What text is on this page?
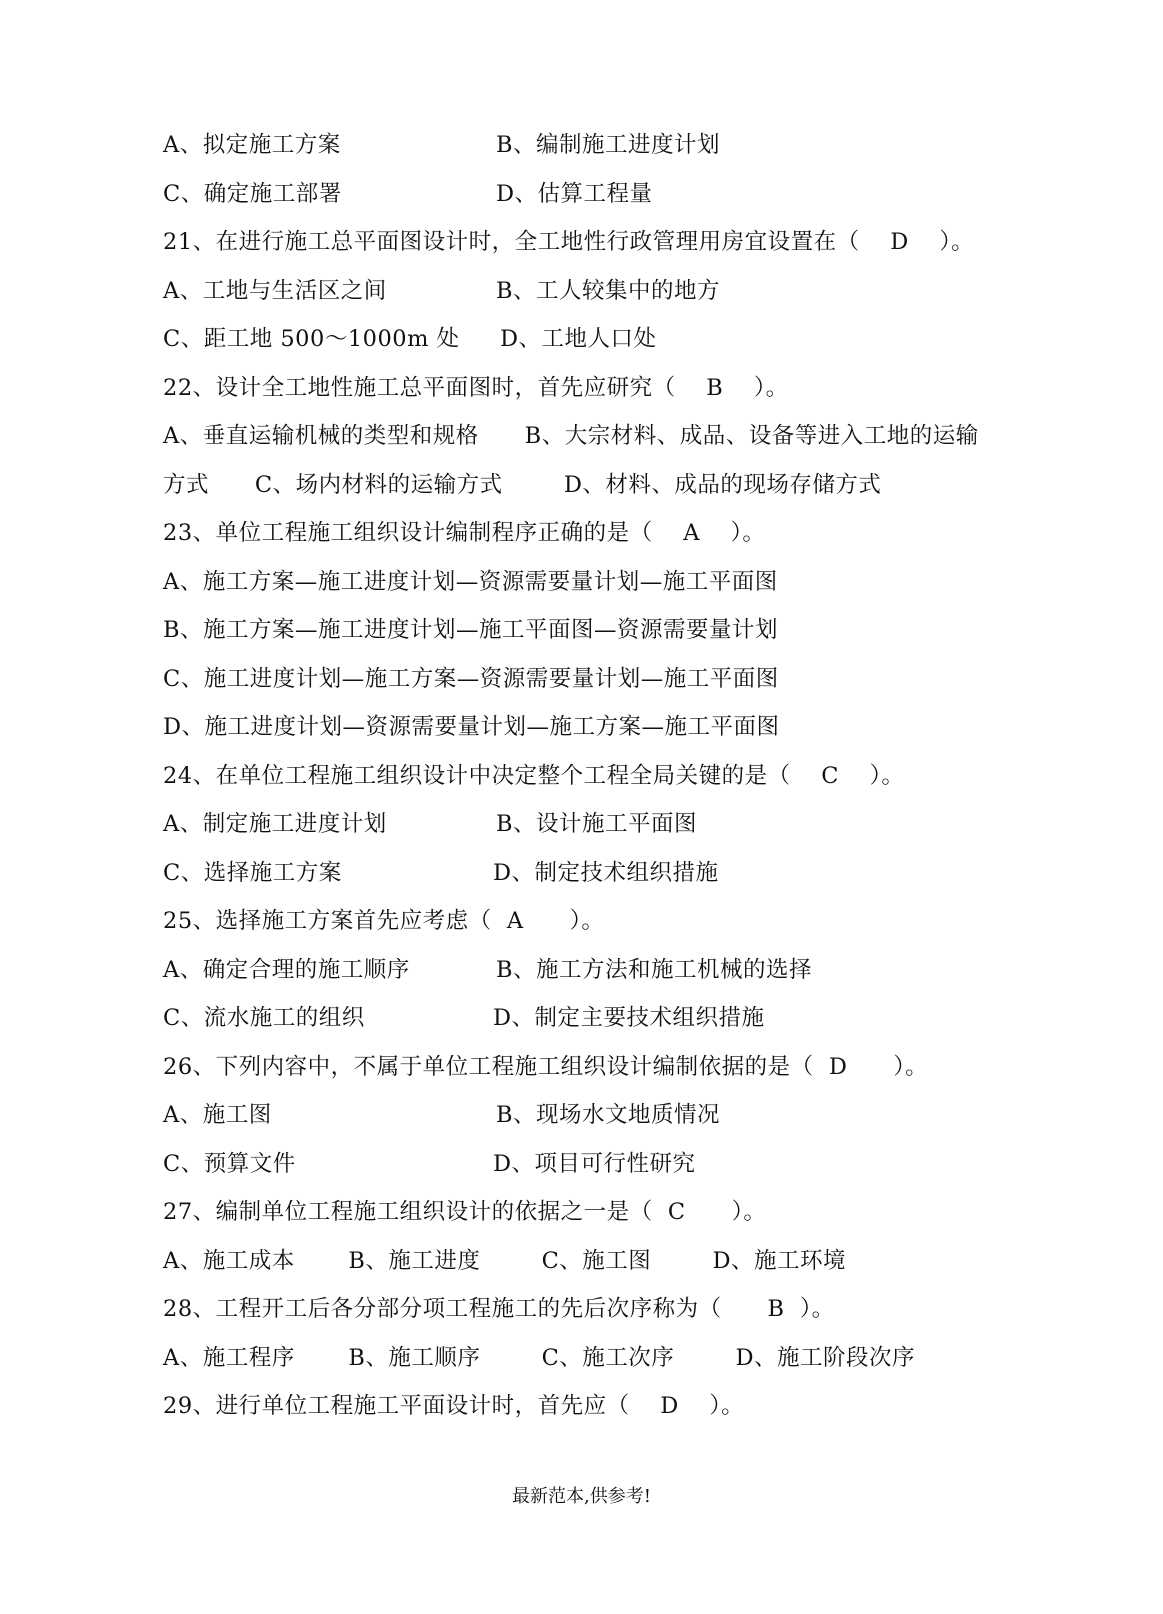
A、拟定施工方案	B、编制施工进度计划
C、确定施工部署	D、估算工程量
21、在进行施工总平面图设计时，全工地性行政管理用房宜设置在（    D    ）。
A、工地与生活区之间	B、工人较集中的地方
C、距工地 500～1000m 处 D、工地人口处
22、设计全工地性施工总平面图时，首先应研究（    B    ）。
A、垂直运输机械的类型和规格      B、大宗材料、成品、设备等进入工地的运输
方式      C、场内材料的运输方式        D、材料、成品的现场存储方式
23、单位工程施工组织设计编制程序正确的是（    A    ）。
A、施工方案—施工进度计划—资源需要量计划—施工平面图
B、施工方案—施工进度计划—施工平面图—资源需要量计划
C、施工进度计划—施工方案—资源需要量计划—施工平面图
D、施工进度计划—资源需要量计划—施工方案—施工平面图
24、在单位工程施工组织设计中决定整个工程全局关键的是（    C    ）。
A、制定施工进度计划	B、设计施工平面图
C、选择施工方案	D、制定技术组织措施
25、选择施工方案首先应考虑（  A      ）。
A、确定合理的施工顺序	B、施工方法和施工机械的选择
C、流水施工的组织	D、制定主要技术组织措施
26、下列内容中，不属于单位工程施工组织设计编制依据的是（  D      ）。
A、施工图	B、现场水文地质情况
C、预算文件	D、项目可行性研究
27、编制单位工程施工组织设计的依据之一是（  C      ）。
A、施工成本       B、施工进度        C、施工图        D、施工环境
28、工程开工后各分部分项工程施工的先后次序称为（      B  ）。
A、施工程序       B、施工顺序        C、施工次序        D、施工阶段次序
29、进行单位工程施工平面设计时，首先应（    D    ）。
最新范本,供参考!
